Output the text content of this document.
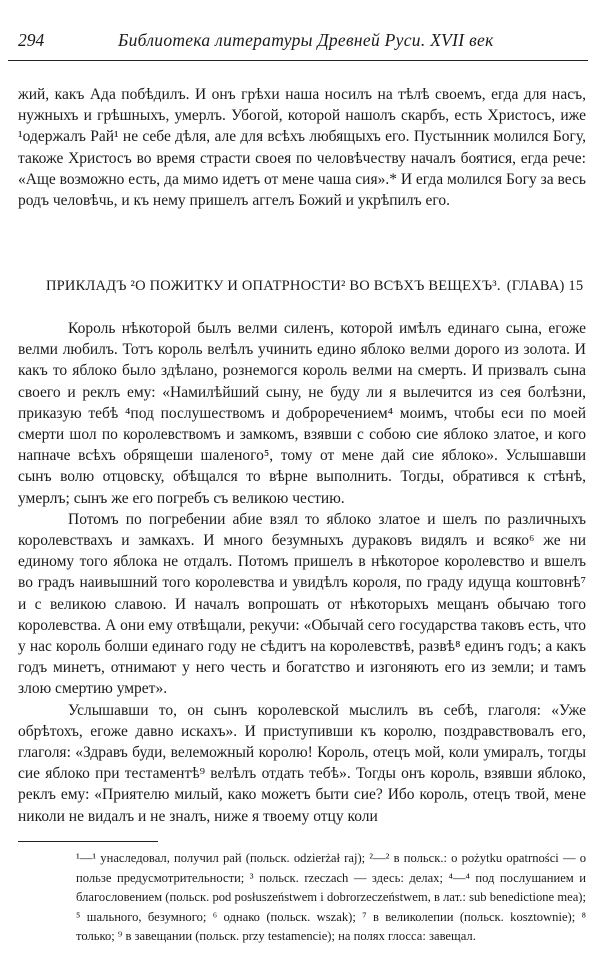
294	Библиотека литературы Древней Руси. XVII век

жий, какъ Ада побѣдилъ. И онъ грѣхи наша носилъ на тѣлѣ своемъ, егда для насъ, нужныхъ и грѣшныхъ, умерлъ. Убогой, которой нашолъ скарбъ, есть Христосъ, иже ¹одержалъ Рай¹ не себе дѣля, але для всѣхъ любящыхъ его. Пустынник молился Богу, такоже Христосъ во время страсти своея по человѣчеству началъ боятися, егда рече: «Аще возможно есть, да мимо идетъ от мене чаша сия».* И егда молился Богу за весь родъ человѣчь, и къ нему пришелъ аггелъ Божий и укрѣпилъ его.

ПРИКЛАДЪ ²О ПОЖИТКУ И ОПАТРНОСТИ² ВО ВСѢХЪ ВЕЩЕХЪ³. (ГЛАВА) 15

Король нѣкоторой былъ велми силенъ, которой имѣлъ единаго сына, егоже велми любилъ. Тотъ король велѣлъ учинить едино яблоко велми дорого из золота. И какъ то яблоко было здѣлано, рознемогся король велми на смерть. И призвалъ сына своего и реклъ ему: «Намилѣйший сыну, не буду ли я вылечится из сея болѣзни, приказую тебѣ ⁴под послушествомъ и доброречением⁴ моимъ, чтобы еси по моей смерти шол по королевствомъ и замкомъ, взявши с собою сие яблоко златое, и кого напначе всѣхъ обрящеши шаленого⁵, тому от мене дай сие яблоко». Услышавши сынъ волю отцовску, обѣщался то вѣрне выполнить. Тогды, обратився к стѣнѣ, умерлъ; сынъ же его погребъ съ великою честию.

Потомъ по погребении абие взял то яблоко златое и шелъ по различныхъ королевствахъ и замкахъ. И много безумныхъ дураковъ видялъ и всяко⁶ же ни единому того яблока не отдалъ. Потомъ пришелъ в нѣкоторое королевство и вшелъ во градъ наивышний того королевства и увидѣлъ короля, по граду идуща коштовнѣ⁷ и с великою славою. И началъ вопрошать от нѣкоторыхъ мещанъ обычаю того королевства. А они ему отвѣщали, рекучи: «Обычай сего государства таковъ есть, что у нас король болши единаго году не сѣдитъ на королевствѣ, развѣ⁸ единъ годъ; а какъ годъ минетъ, отнимают у него честь и богатство и изгоняють его из земли; и тамъ злою смертию умрет».

Услышавши то, он сынъ королевской мыслилъ въ себѣ, глаголя: «Уже обрѣтохъ, егоже давно искахъ». И приступивши къ королю, поздравствовалъ его, глаголя: «Здравъ буди, велеможный королю! Король, отецъ мой, коли умиралъ, тогды сие яблоко при тестаментѣ⁹ велѣлъ отдать тебѣ». Тогды онъ король, взявши яблоко, реклъ ему: «Приятелю милый, како можетъ быти сие? Ибо король, отецъ твой, мене николи не видалъ и не зналъ, ниже я твоему отцу коли

¹—¹ унаследовал, получил рай (польск. odzierżał raj); ²—² в польск.: o pożytku opatrności — о пользе предусмотрительности; ³ польск. rzeczach — здесь: делах; ⁴—⁴ под послушанием и благословением (польск. pod posłuszeństwem i dobrorzeczeństwem, в лат.: sub benedictione mea); ⁵ шального, безумного; ⁶ однако (польск. wszak); ⁷ в великолепии (польск. kosztownie); ⁸ только; ⁹ в завещании (польск. przy testamencie); на полях глосса: завещал.
